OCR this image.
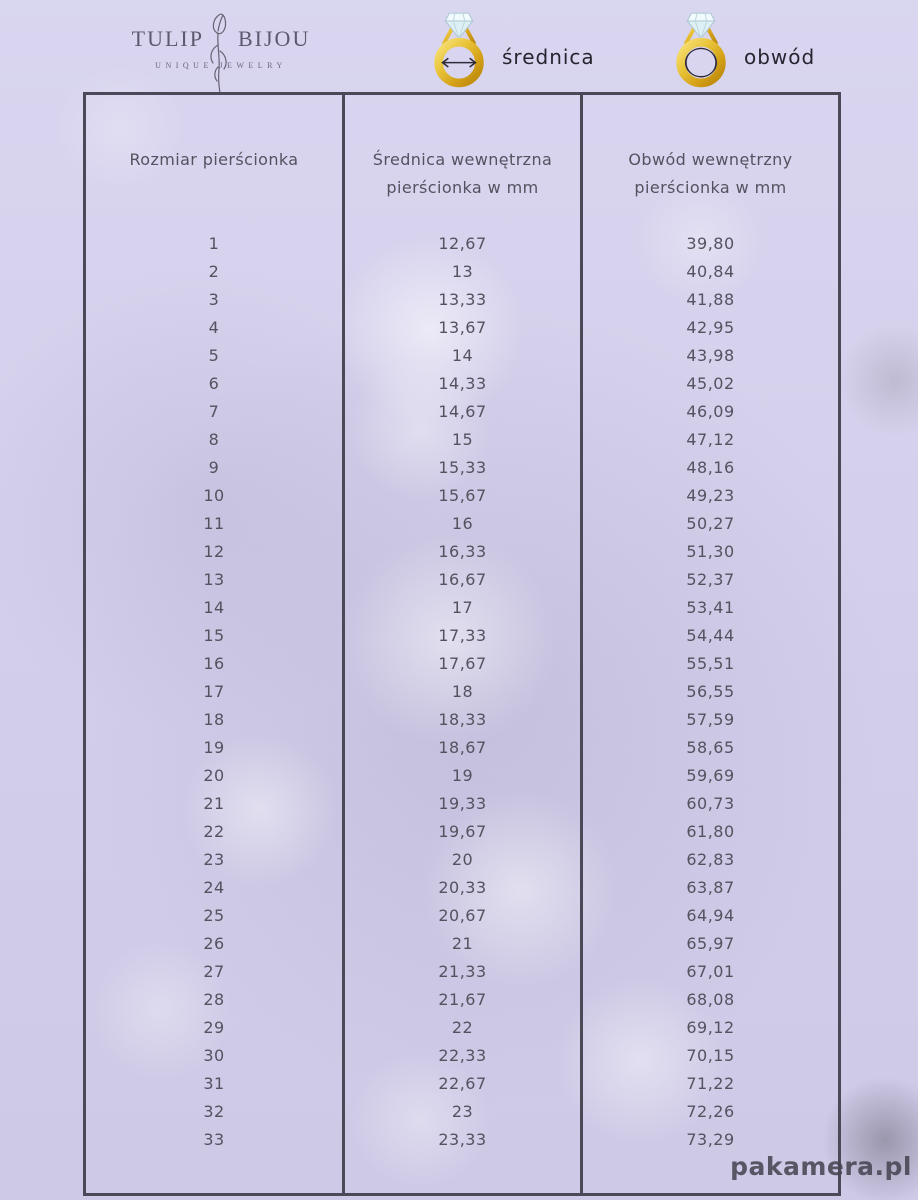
TULIP BIJOU
UNIQUE JEWELRY	średnica	obwód
Rozmiar pierścionka
1
2
3
4
5
6
7
8
9
10
11
12
13
14
15
16
17
18
19
20
21
22
23
24
25
26
27
28
29
30
31
32
33
Średnica wewnętrzna
pierścionka w mm
12,67
13
13,33
13,67
14
14,33
14,67
15
15,33
15,67
16
16,33
16,67
17
17,33
17,67
18
18,33
18,67
19
19,33
19,67
20
20,33
20,67
21
21,33
21,67
22
22,33
22,67
23
23,33
Obwód wewnętrzny
pierścionka w mm
39,80
40,84
41,88
42,95
43,98
45,02
46,09
47,12
48,16
49,23
50,27
51,30
52,37
53,41
54,44
55,51
56,55
57,59
58,65
59,69
60,73
61,80
62,83
63,87
64,94
65,97
67,01
68,08
69,12
70,15
71,22
72,26
73,29
pakamera.pl
